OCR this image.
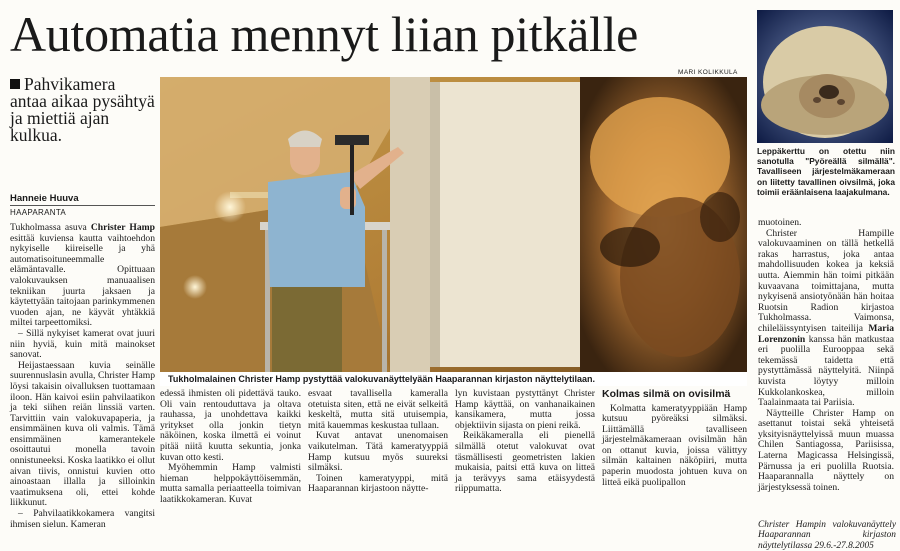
Automatia mennyt liian pitkälle
Pahvikamera antaa aikaa pysähtyä ja miettiä ajan kulkua.
Hanneie Huuva
HAAPARANTA

Tukholmassa asuva Christer Hamp esittää kuviensa kautta vaihtoehdon nykyiselle kiireiselle ja yhä automatisoituneemmalle elämäntavalle. Opittuaan valokuvauksen manuaalisen tekniikan juurta jaksaen ja käytettyään taitojaan parinkymmenen vuoden ajan, ne käyvät yhtäkkiä miltei tarpeettomiksi.

– Sillä nykyiset kamerat ovat juuri niin hyviä, kuin mitä mainokset sanovat.

Heijastaessaan kuvia seinälle suurennuslasin avulla, Christer Hamp löysi takaisin oivalluksen tuottamaan iloon. Hän kaivoi esiin pahvilaatikon ja teki siihen reiän linssiä varten. Tarvittiin vain valokuvapaperia, ja ensimmäinen kuva oli valmis. Tämä ensimmäinen kamerantekele osoittautui monella tavoin onnistuneeksi. Koska laatikko ei ollut aivan tiivis, onnistui kuvien otto ainoastaan illalla ja silloinkin vaatimuksena oli, ettei kohde liikkunut.

– Pahvilaatikkokamera vangitsi ihmisen sielun. Kameran

MARI KOLIKKULA
Tukholmalainen Christer Hamp pystyttää valokuvanäyttelyään Haaparannan kirjaston näyttelytilaan.
Leppäkerttu on otettu niin sanotulla "Pyöreällä silmällä". Tavalliseen järjestelmäkameraan on liitetty tavallinen oivsilmä, joka toimii eräänlaisena laajakulmana.

edessä ihmisten oli pidettävä tauko. Oli vain rentouduttava ja oltava rauhassa, ja unohdettava kaikki yritykset olla jonkin tietyn näköinen, koska ilmettä ei voinut pitää niitä kuutta sekuntia, jonka kuvan otto kesti.

Myöhemmin Hamp valmisti hieman helppokäyttöisemmän, mutta samalla periaatteella toimivan laatikkokameran. Kuvat

esvaat tavallisella kameralla otetuista siten, että ne eivät selkeitä keskeltä, mutta sitä utuisempia, mitä kauemmas keskustaa tullaan.

Kuvat antavat unenomaisen vaikutelman. Tätä kameratyyppiä Hamp kutsuu myös suureksi silmäksi.

Toinen kameratyyppi, mitä Haaparannan kirjastoon näytte-

lyn kuvistaan pystyttänyt Christer Hamp käyttää, on vanhanaikainen kansikamera, mutta jossa objektiivin sijasta on pieni reikä.

Reikäkameralla eli pienellä silmällä otetut valokuvat ovat täsmällisesti geometristen lakien mukaisia, paitsi että kuva on litteä ja terävyys sama etäisyydestä riippumatta.

Kolmas silmä on ovisilmä

Kolmatta kameratyyppiään Hamp kutsuu pyöreäksi silmäksi. Liittämällä tavalliseen järjestelmäkameraan ovisilmän hän on ottanut kuvia, joissa välittyy silmän kaltainen näköpiiri, mutta paperin muodosta johtuen kuva on litteä eikä puolipallon

muotoinen.

Christer Hampille valokuvaaminen on tällä hetkellä rakas harrastus, joka antaa mahdollisuuden kokea ja keksiä uutta. Aiemmin hän toimi pitkään kuvaavana toimittajana, mutta nykyisenä ansiotyönään hän hoitaa Ruotsin Radion kirjastoa Tukholmassa. Vaimonsa, chileläissyntyisen taiteilija Maria Lorenzonin kanssa hän matkustaa eri puolilla Eurooppaa sekä tekemässä taidetta että pystyttämässä näyttelyitä. Niinpä kuvista löytyy milloin Kukkolankoskea, milloin Taalainmaata tai Pariisia.

Näytteille Christer Hamp on asettanut toistai sekä yhteisetä yksityisnäyttelyissä muun muassa Chilen Santiagossa, Pariisissa, Laterna Magicassa Helsingissä, Pärnussa ja eri puolilla Ruotsia. Haaparannalla näyttely on järjestyksessä toinen.

Christer Hampin valokuvanäyttely Haaparannan kirjaston näyttelytilassa 29.6.-27.8.2005
